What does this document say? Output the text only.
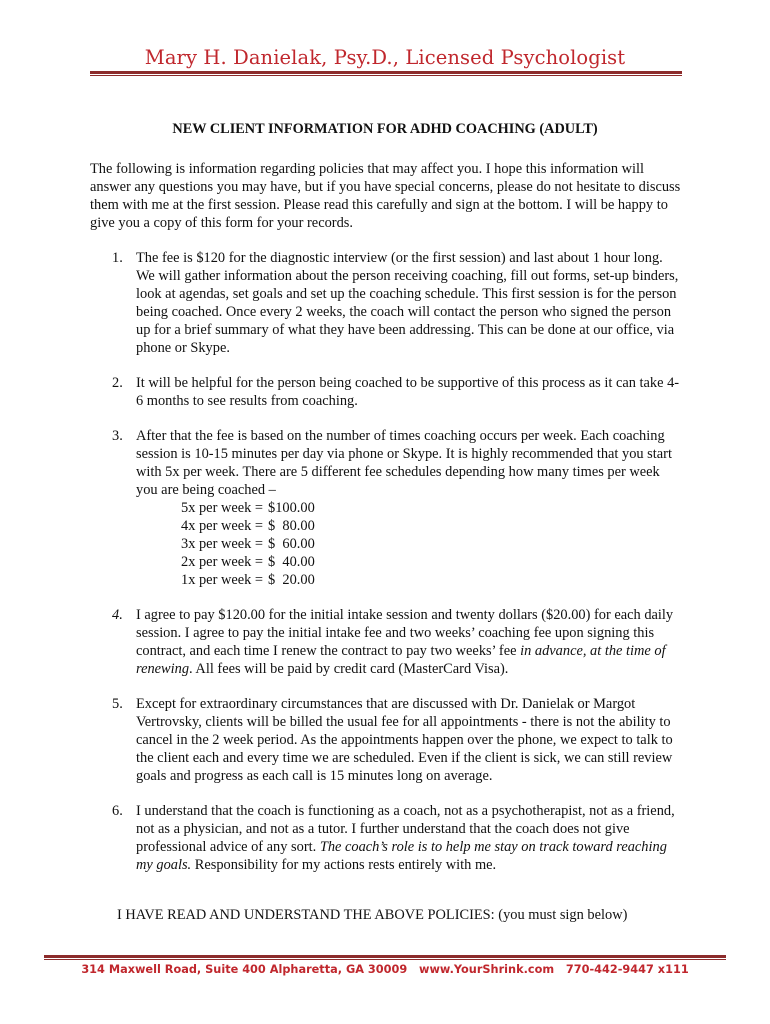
Mary H. Danielak, Psy.D., Licensed Psychologist
NEW CLIENT INFORMATION FOR ADHD COACHING (ADULT)

The following is information regarding policies that may affect you. I hope this information will answer any questions you may have, but if you have special concerns, please do not hesitate to discuss them with me at the first session. Please read this carefully and sign at the bottom. I will be happy to give you a copy of this form for your records.

1. The fee is $120 for the diagnostic interview (or the first session) and last about 1 hour long. We will gather information about the person receiving coaching, fill out forms, set-up binders, look at agendas, set goals and set up the coaching schedule. This first session is for the person being coached. Once every 2 weeks, the coach will contact the person who signed the person up for a brief summary of what they have been addressing. This can be done at our office, via phone or Skype.
2. It will be helpful for the person being coached to be supportive of this process as it can take 4-6 months to see results from coaching.
3. After that the fee is based on the number of times coaching occurs per week. Each coaching session is 10-15 minutes per day via phone or Skype. It is highly recommended that you start with 5x per week. There are 5 different fee schedules depending how many times per week you are being coached –
5x per week = $100.00
4x per week = $  80.00
3x per week = $  60.00
2x per week = $  40.00
1x per week = $  20.00
4. I agree to pay $120.00 for the initial intake session and twenty dollars ($20.00) for each daily session. I agree to pay the initial intake fee and two weeks’ coaching fee upon signing this contract, and each time I renew the contract to pay two weeks’ fee in advance, at the time of renewing. All fees will be paid by credit card (MasterCard Visa).
5. Except for extraordinary circumstances that are discussed with Dr. Danielak or Margot Vertrovsky, clients will be billed the usual fee for all appointments - there is not the ability to cancel in the 2 week period. As the appointments happen over the phone, we expect to talk to the client each and every time we are scheduled. Even if the client is sick, we can still review goals and progress as each call is 15 minutes long on average.
6. I understand that the coach is functioning as a coach, not as a psychotherapist, not as a friend, not as a physician, and not as a tutor. I further understand that the coach does not give professional advice of any sort. The coach’s role is to help me stay on track toward reaching my goals. Responsibility for my actions rests entirely with me.
I HAVE READ AND UNDERSTAND THE ABOVE POLICIES: (you must sign below)
314 Maxwell Road, Suite 400 Alpharetta, GA 30009   www.YourShrink.com   770-442-9447 x111
